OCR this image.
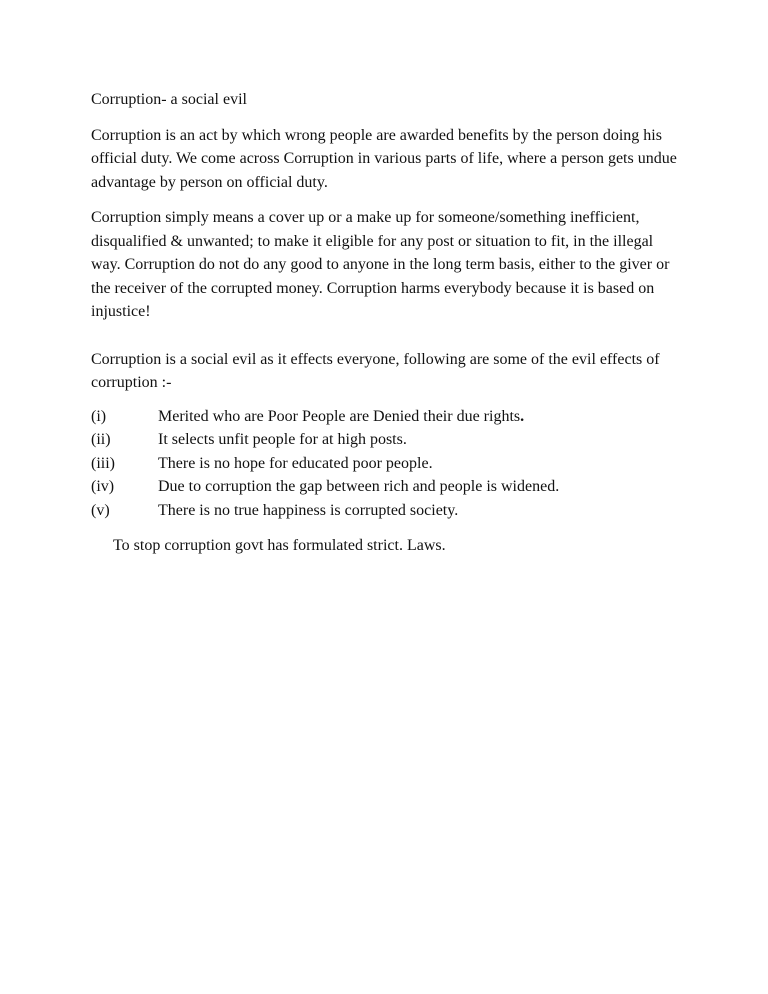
Corruption- a social evil

Corruption is an act by which wrong people are awarded benefits by the person doing his official duty. We come across Corruption in various parts of life, where a person gets undue advantage by person on official duty.

Corruption simply means a cover up or a make up for someone/something inefficient, disqualified & unwanted; to make it eligible for any post or situation to fit, in the illegal way. Corruption do not do any good to anyone in the long term basis, either to the giver or the receiver of the corrupted money. Corruption harms everybody because it is based on injustice!

Corruption is a social evil as it effects everyone, following are some of the evil effects of corruption :-

(i)	Merited who are Poor People are Denied their due rights.
(ii)	It selects unfit people for at high posts.
(iii)	There is no hope for educated poor people.
(iv)	Due to corruption the gap between rich and people is widened.
(v)	There is no true happiness is corrupted society.

To stop corruption govt has formulated strict. Laws.
